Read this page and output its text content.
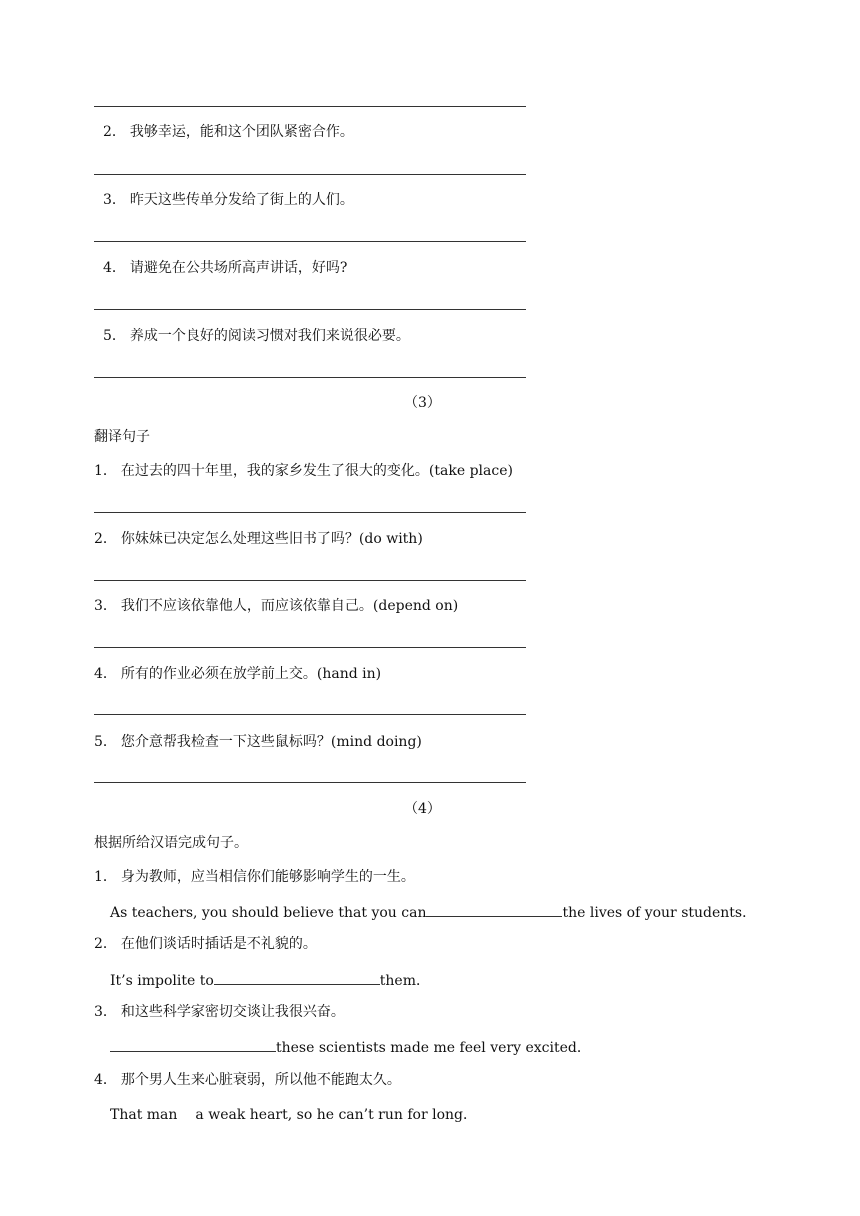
2． 我够幸运，能和这个团队紧密合作。
3． 昨天这些传单分发给了街上的人们。
4． 请避免在公共场所高声讲话，好吗?
5． 养成一个良好的阅读习惯对我们来说很必要。
（3）
翻译句子
1． 在过去的四十年里，我的家乡发生了很大的变化。(take place)
2． 你妹妹已决定怎么处理这些旧书了吗？(do with)
3． 我们不应该依靠他人，而应该依靠自己。(depend on)
4． 所有的作业必须在放学前上交。(hand in)
5． 您介意帮我检查一下这些鼠标吗？(mind doing)
（4）
根据所给汉语完成句子。
1． 身为教师，应当相信你们能够影响学生的一生。
As teachers, you should believe that you can	the lives of your students．
2． 在他们谈话时插话是不礼貌的。
It’s impolite to	them．
3． 和这些科学家密切交谈让我很兴奋。
these scientists made me feel very excited．
4． 那个男人生来心脏衰弱，所以他不能跑太久。
That man a weak heart, so he can’t run for long．
